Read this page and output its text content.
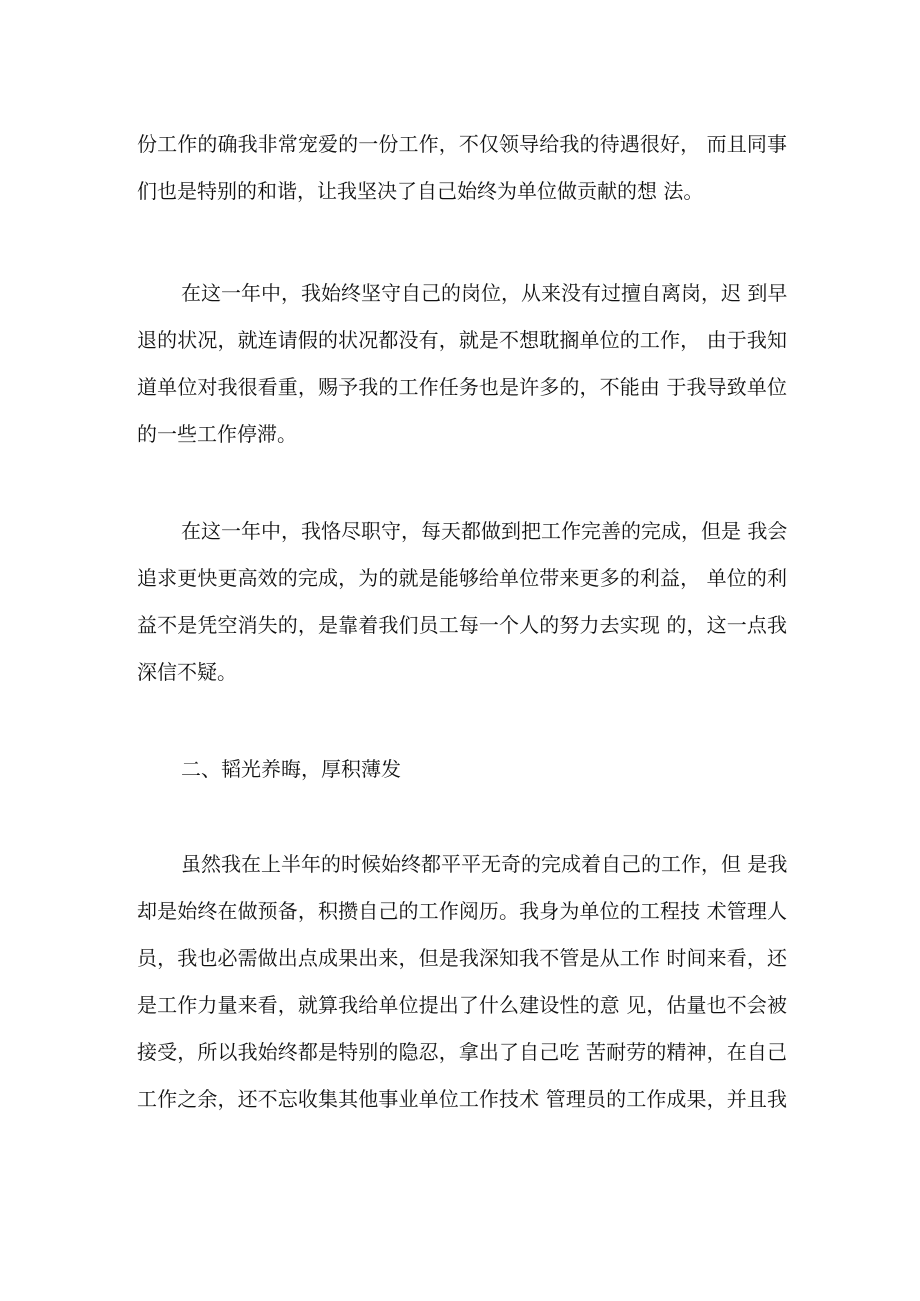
份工作的确我非常宠爱的一份工作，不仅领导给我的待遇很好， 而且同事
们也是特别的和谐，让我坚决了自己始终为单位做贡献的想 法。
在这一年中，我始终坚守自己的岗位，从来没有过擅自离岗，迟 到早
退的状况，就连请假的状况都没有，就是不想耽搁单位的工作， 由于我知
道单位对我很看重，赐予我的工作任务也是许多的，不能由 于我导致单位
的一些工作停滞。
在这一年中，我恪尽职守，每天都做到把工作完善的完成，但是 我会
追求更快更高效的完成，为的就是能够给单位带来更多的利益， 单位的利
益不是凭空消失的，是靠着我们员工每一个人的努力去实现 的，这一点我
深信不疑。
二、韬光养晦，厚积薄发
虽然我在上半年的时候始终都平平无奇的完成着自己的工作，但 是我
却是始终在做预备，积攒自己的工作阅历。我身为单位的工程技 术管理人
员，我也必需做出点成果出来，但是我深知我不管是从工作 时间来看，还
是工作力量来看，就算我给单位提出了什么建设性的意 见，估量也不会被
接受，所以我始终都是特别的隐忍，拿出了自己吃 苦耐劳的精神，在自己
工作之余，还不忘收集其他事业单位工作技术 管理员的工作成果，并且我
